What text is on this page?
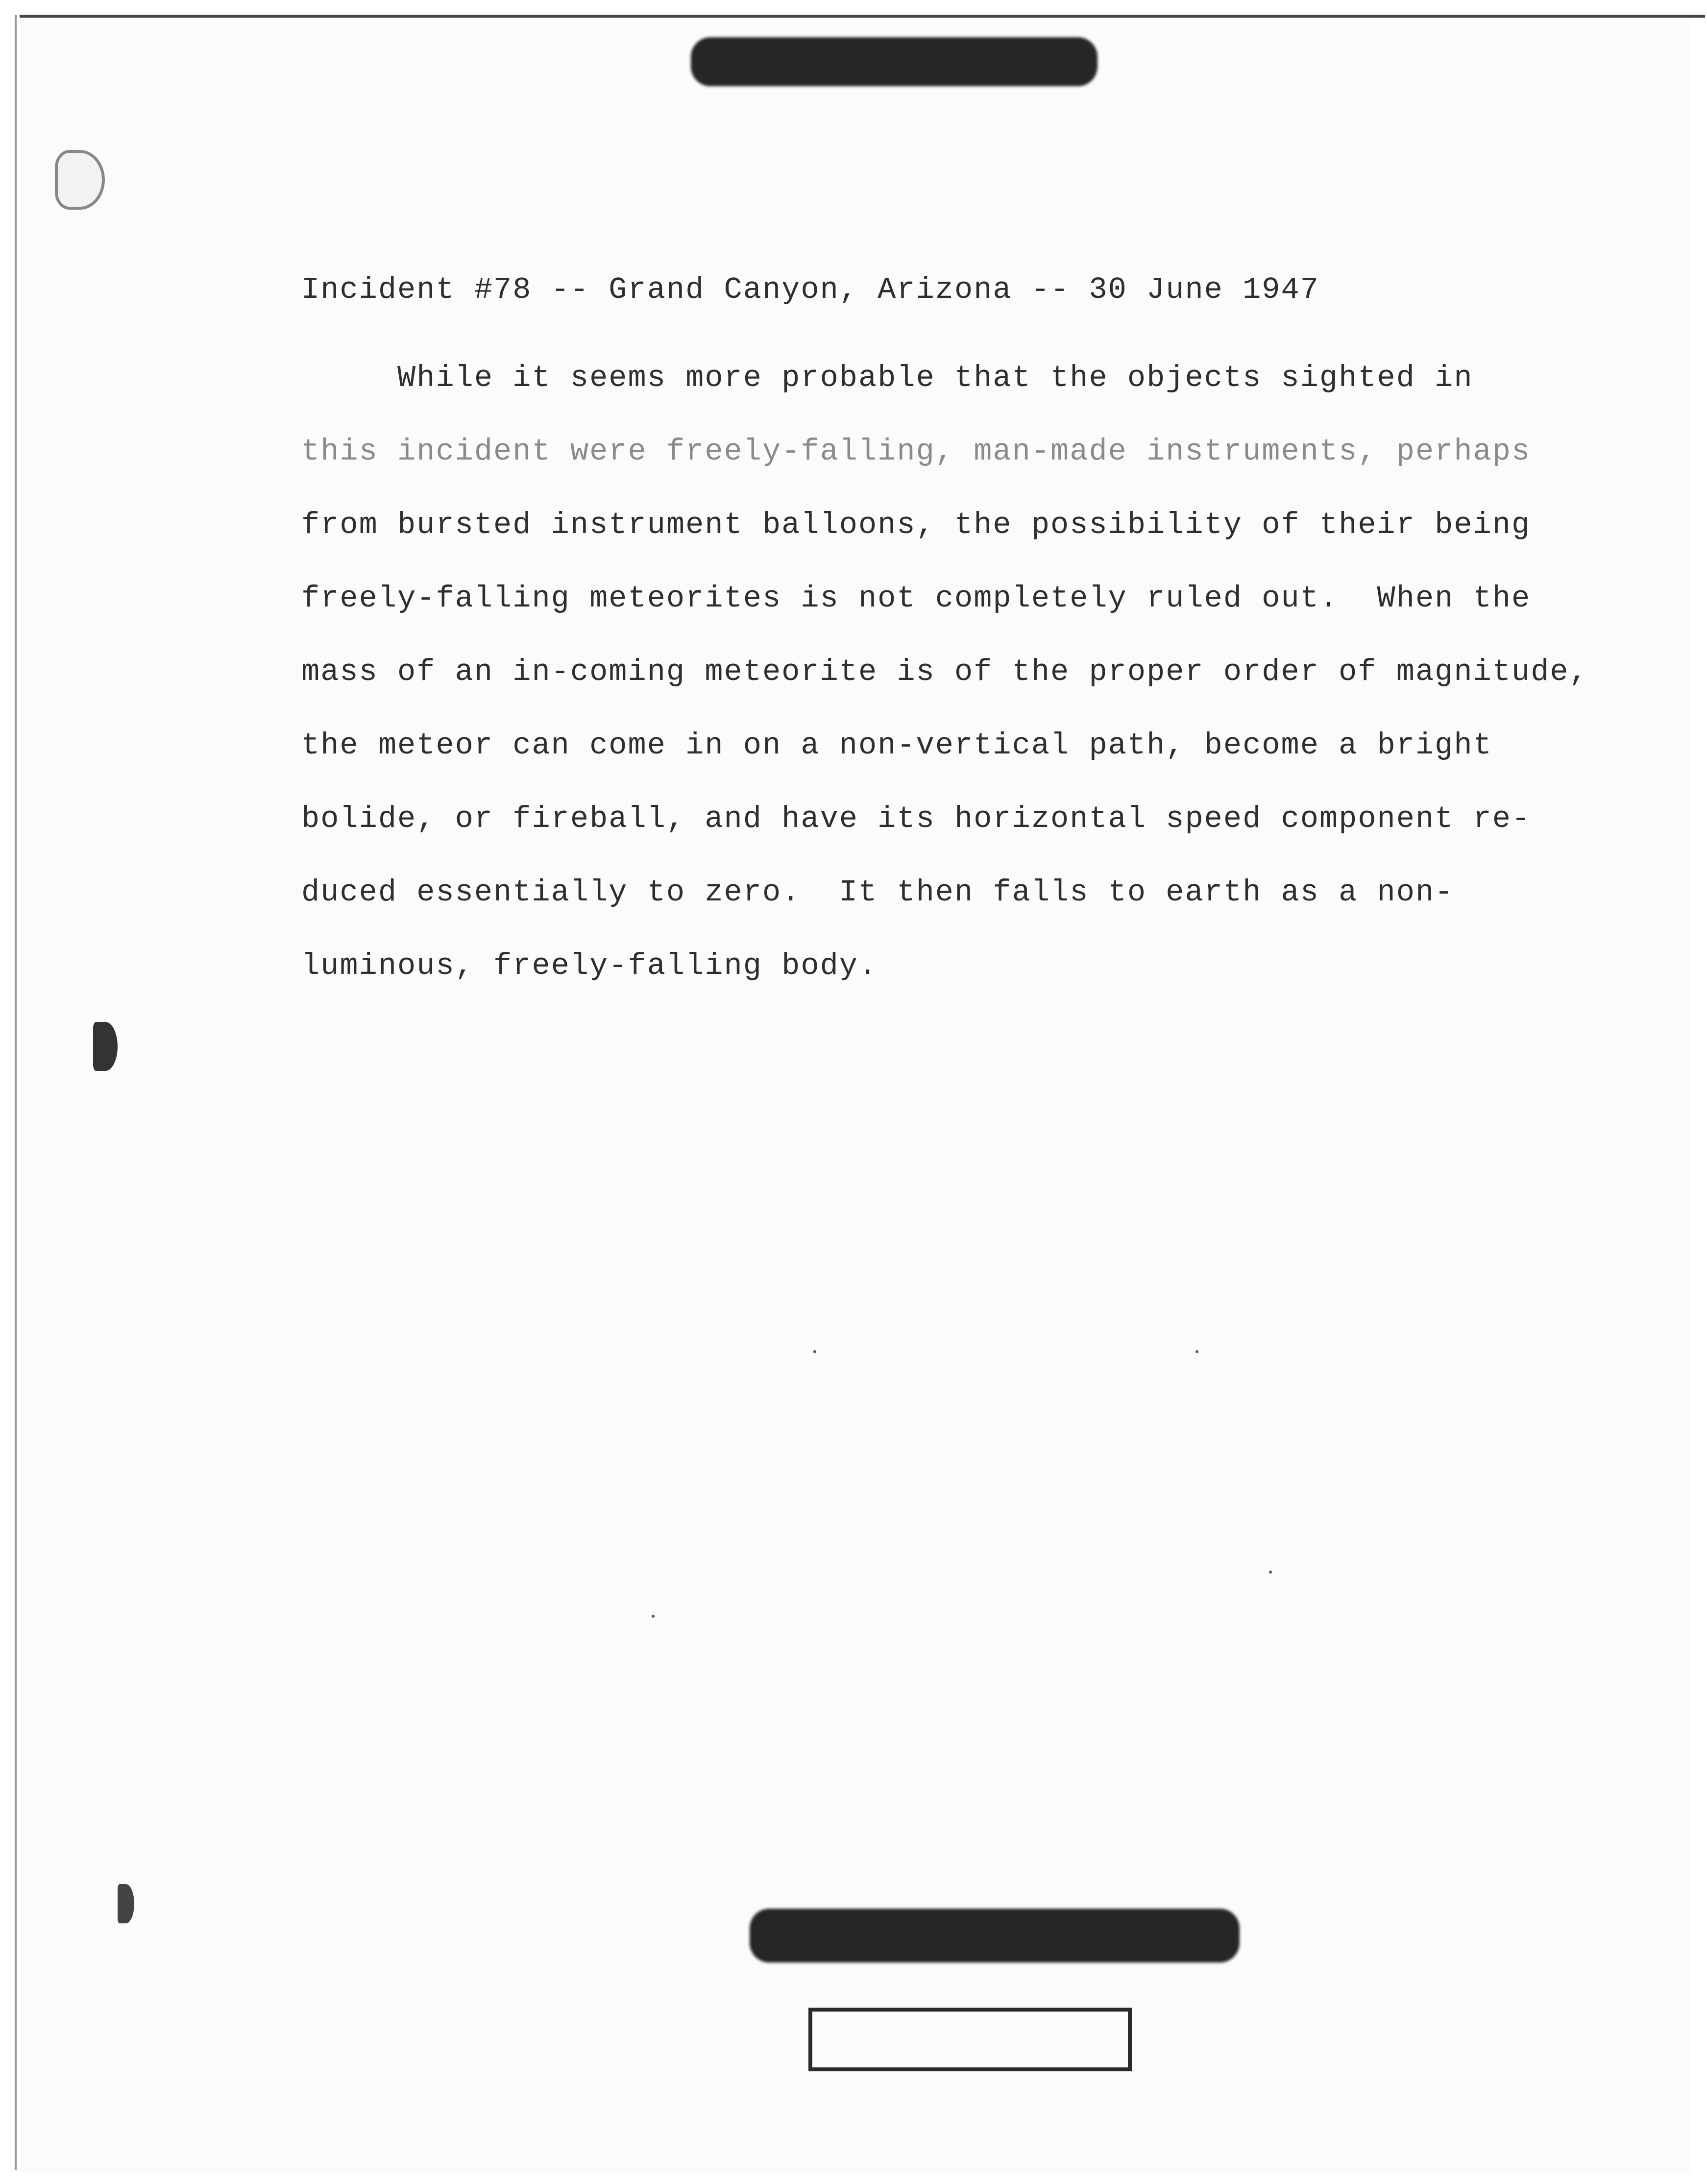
Incident #78 -- Grand Canyon, Arizona -- 30 June 1947
While it seems more probable that the objects sighted in
this incident were freely-falling, man-made instruments, perhaps
from bursted instrument balloons, the possibility of their being
freely-falling meteorites is not completely ruled out.  When the
mass of an in-coming meteorite is of the proper order of magnitude,
the meteor can come in on a non-vertical path, become a bright
bolide, or fireball, and have its horizontal speed component re-
duced essentially to zero.  It then falls to earth as a non-
luminous, freely-falling body.
